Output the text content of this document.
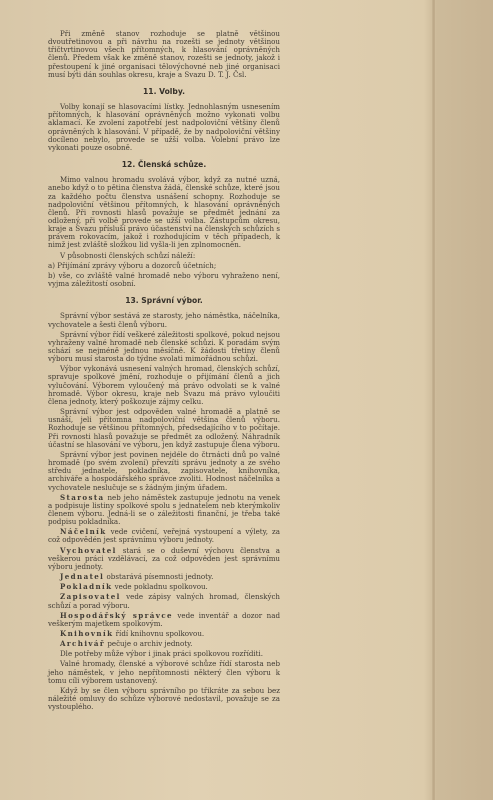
Při změně stanov rozhoduje se platně většinou dvoutřetinovou a při návrhu na rozešti se jednoty většinou třičtvrtinovou všech přítomných, k hlasování oprávněných členů. Předem však ke změně stanov, rozešti se jednoty, jakož i přestoupení k jiné organisaci tělovýchovné neb jiné organisaci musí býti dán souhlas okresu, kraje a Svazu D. T. J. Čsl.

11. Volby.

Volby konají se hlasovacími lístky. Jednohlasným usnesením přítomných, k hlasování oprávněných možno vykonati volbu aklamací. Ke zvolení zapotřebí jest nadpoloviční většiny členů oprávněných k hlasování. V případě, že by nadpoloviční většiny docíleno nebylo, provede se užší volba. Volební právo lze vykonati pouze osobně.

12. Členská schůze.

Mimo valnou hromadu svolává výbor, když za nutné uzná, anebo když o to pětina členstva žádá, členské schůze, které jsou za každého počtu členstva usnášení schopny. Rozhoduje se nadpoloviční většinou přítomných, k hlasování oprávněných členů. Při rovnosti hlasů považuje se předmět jednání za odložený, při volbě provede se užší volba. Zástupcům okresu, kraje a Svazu přísluší právo účastenství na členských schůzích s právem rokovacím, jakož i rozhodujícím v těch případech, k nimž jest zvláště složkou lid vyšla-li jen zplnomocněn.

V působnosti členských schůzí náleží:

a) Přijímání zprávy výboru a dozorců účetních;

b) vše, co zvláště valné hromadě nebo výboru vyhraženo není, vyjma záležitostí osobní.

13. Správní výbor.

Správní výbor sestává ze starosty, jeho náměstka, náčelníka, vychovatele a šesti členů výboru.

Správní výbor řídí veškeré záležitosti spolkové, pokud nejsou vyhraženy valné hromadě neb členské schůzi. K poradám svým schází se nejméně jednou měsíčně. K žádosti třetiny členů výboru musí starosta do týdne svolati mimořádnou schůzi.

Výbor vykonává usnesení valných hromad, členských schůzí, spravuje spolkové jmění, rozhoduje o přijímání členů a jich vylučování. Výborem vyloučený má právo odvolati se k valné hromadě. Výbor okresu, kraje neb Svazu má právo vyloučiti člena jednoty, který poškozuje zájmy celku.

Správní výbor jest odpověden valné hromadě a platně se usnáší, jeli přítomna nadpoloviční většina členů výboru. Rozhoduje se většinou přítomných, předsedajícího v to počítaje. Při rovnosti hlasů považuje se předmět za odložený. Náhradník účastní se hlasování ve výboru, jen když zastupuje člena výboru.

Správní výbor jest povinen nejdéle do čtrnácti dnů po valné hromadě (po svém zvolení) převzíti správu jednoty a ze svého středu jednatele, pokladníka, zapisovatele, knihovníka, archiváře a hospodářského správce zvoliti. Hodnost náčelníka a vychovatele neslučuje se s žádným jiným úřadem.

Starosta neb jeho náměstek zastupuje jednotu na venek a podpisuje listiny spolkové spolu s jednatelem neb kterýmkoliv členem výboru. Jedná-li se o záležitosti finanční, je třeba také podpisu pokladníka.

Náčelník vede cvičení, veřejná vystoupení a výlety, za což odpovědén jest správnímu výboru jednoty.

Vychovatel stará se o duševní výchovu členstva a veškerou práci vzdělávací, za což odpověden jest správnímu výboru jednoty.

Jednatel obstarává písemnosti jednoty.

Pokladník vede pokladnu spolkovou.

Zapisovatel vede zápisy valných hromad, členských schůzí a porad výboru.

Hospodářský správce vede inventář a dozor nad veškerým majetkem spolkovým.

Knihovník řídí knihovnu spolkovou.

Archivář pečuje o archiv jednoty.

Dle potřeby může výbor i jinak práci spolkovou rozříditi.

Valné hromady, členské a výborové schůze řídí starosta neb jeho náměstek, v jeho nepřítomnosti některý člen výboru k tomu cíli výborem ustanovený.

Když by se člen výboru správního po třikráte za sebou bez náležité omluvy do schůze výborové nedostavil, považuje se za vystouplého.
